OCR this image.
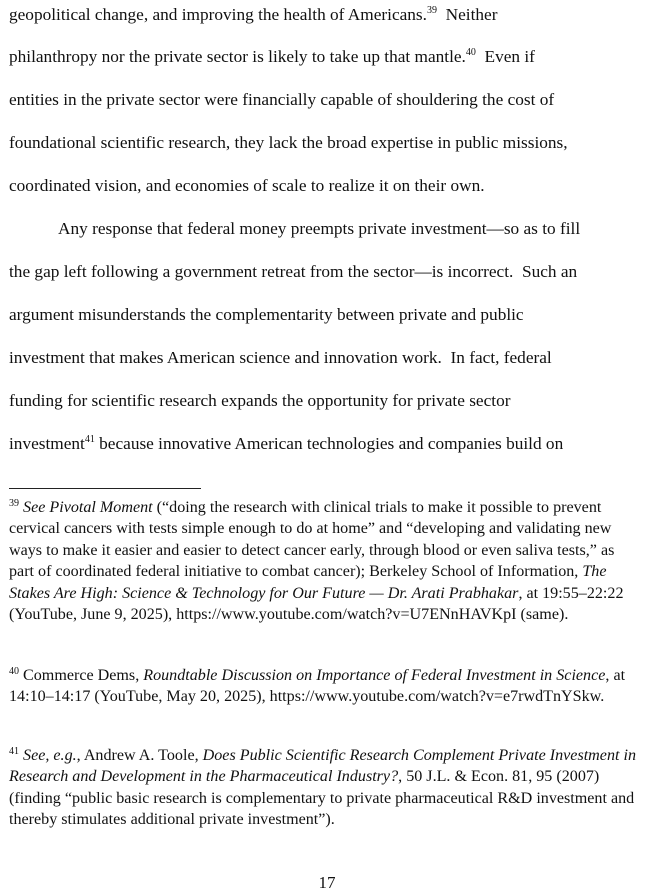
geopolitical change, and improving the health of Americans.$^{39}$  Neither
philanthropy nor the private sector is likely to take up that mantle.$^{40}$  Even if
entities in the private sector were financially capable of shouldering the cost of
foundational scientific research, they lack the broad expertise in public missions,
coordinated vision, and economies of scale to realize it on their own.
Any response that federal money preempts private investment—so as to fill
the gap left following a government retreat from the sector—is incorrect.  Such an
argument misunderstands the complementarity between private and public
investment that makes American science and innovation work.  In fact, federal
funding for scientific research expands the opportunity for private sector
investment$^{41}$ because innovative American technologies and companies build on
$^{39}$ See Pivotal Moment (“doing the research with clinical trials to make it possible to prevent cervical cancers with tests simple enough to do at home” and “developing and validating new ways to make it easier and easier to detect cancer early, through blood or even saliva tests,” as part of coordinated federal initiative to combat cancer); Berkeley School of Information, The Stakes Are High: Science & Technology for Our Future — Dr. Arati Prabhakar, at 19:55–22:22 (YouTube, June 9, 2025), https://www.youtube.com/watch?v=U7ENnHAVKpI (same).
$^{40}$ Commerce Dems, Roundtable Discussion on Importance of Federal Investment in Science, at 14:10–14:17 (YouTube, May 20, 2025), https://www.youtube.com/watch?v=e7rwdTnYSkw.
$^{41}$ See, e.g., Andrew A. Toole, Does Public Scientific Research Complement Private Investment in Research and Development in the Pharmaceutical Industry?, 50 J.L. & Econ. 81, 95 (2007) (finding “public basic research is complementary to private pharmaceutical R&D investment and thereby stimulates additional private investment”).
17
